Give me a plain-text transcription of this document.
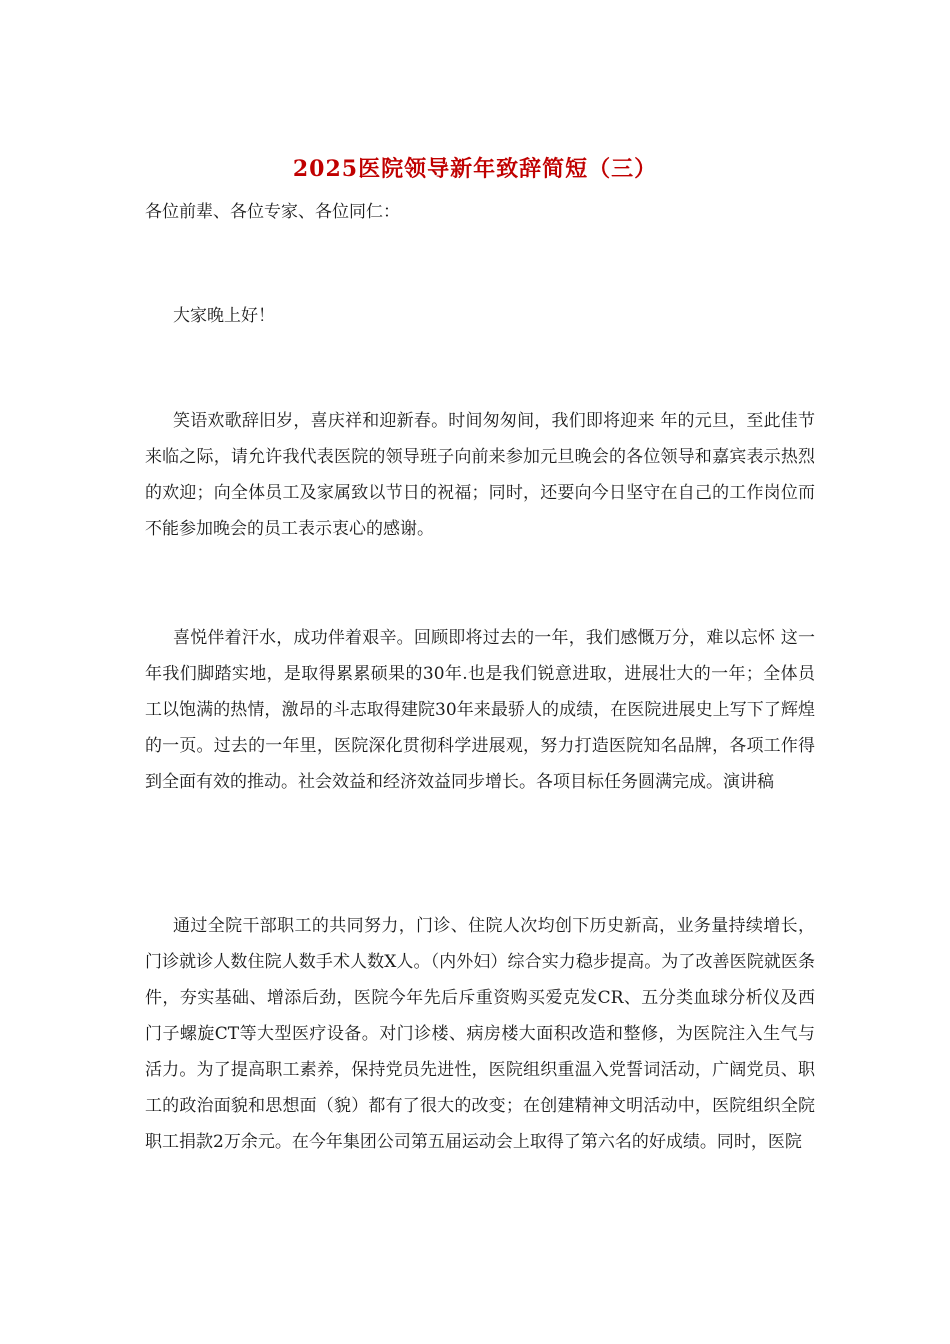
2025医院领导新年致辞简短（三）
各位前辈、各位专家、各位同仁：
大家晚上好！
笑语欢歌辞旧岁，喜庆祥和迎新春。时间匆匆间，我们即将迎来 年的元旦，至此佳节来临之际，请允许我代表医院的领导班子向前来参加元旦晚会的各位领导和嘉宾表示热烈的欢迎；向全体员工及家属致以节日的祝福；同时，还要向今日坚守在自己的工作岗位而不能参加晚会的员工表示衷心的感谢。
喜悦伴着汗水，成功伴着艰辛。回顾即将过去的一年，我们感慨万分，难以忘怀 这一年我们脚踏实地，是取得累累硕果的30年.也是我们锐意进取，进展壮大的一年；全体员工以饱满的热情，激昂的斗志取得建院30年来最骄人的成绩，在医院进展史上写下了辉煌的一页。过去的一年里，医院深化贯彻科学进展观，努力打造医院知名品牌，各项工作得到全面有效的推动。社会效益和经济效益同步增长。各项目标任务圆满完成。演讲稿
通过全院干部职工的共同努力，门诊、住院人次均创下历史新高，业务量持续增长，门诊就诊人数住院人数手术人数X人。（内外妇）综合实力稳步提高。为了改善医院就医条件，夯实基础、增添后劲，医院今年先后斥重资购买爱克发CR、五分类血球分析仪及西门子螺旋CT等大型医疗设备。对门诊楼、病房楼大面积改造和整修，为医院注入生气与活力。为了提高职工素养，保持党员先进性，医院组织重温入党誓词活动，广阔党员、职工的政治面貌和思想面（貌）都有了很大的改变；在创建精神文明活动中，医院组织全院职工捐款2万余元。在今年集团公司第五届运动会上取得了第六名的好成绩。同时，医院
